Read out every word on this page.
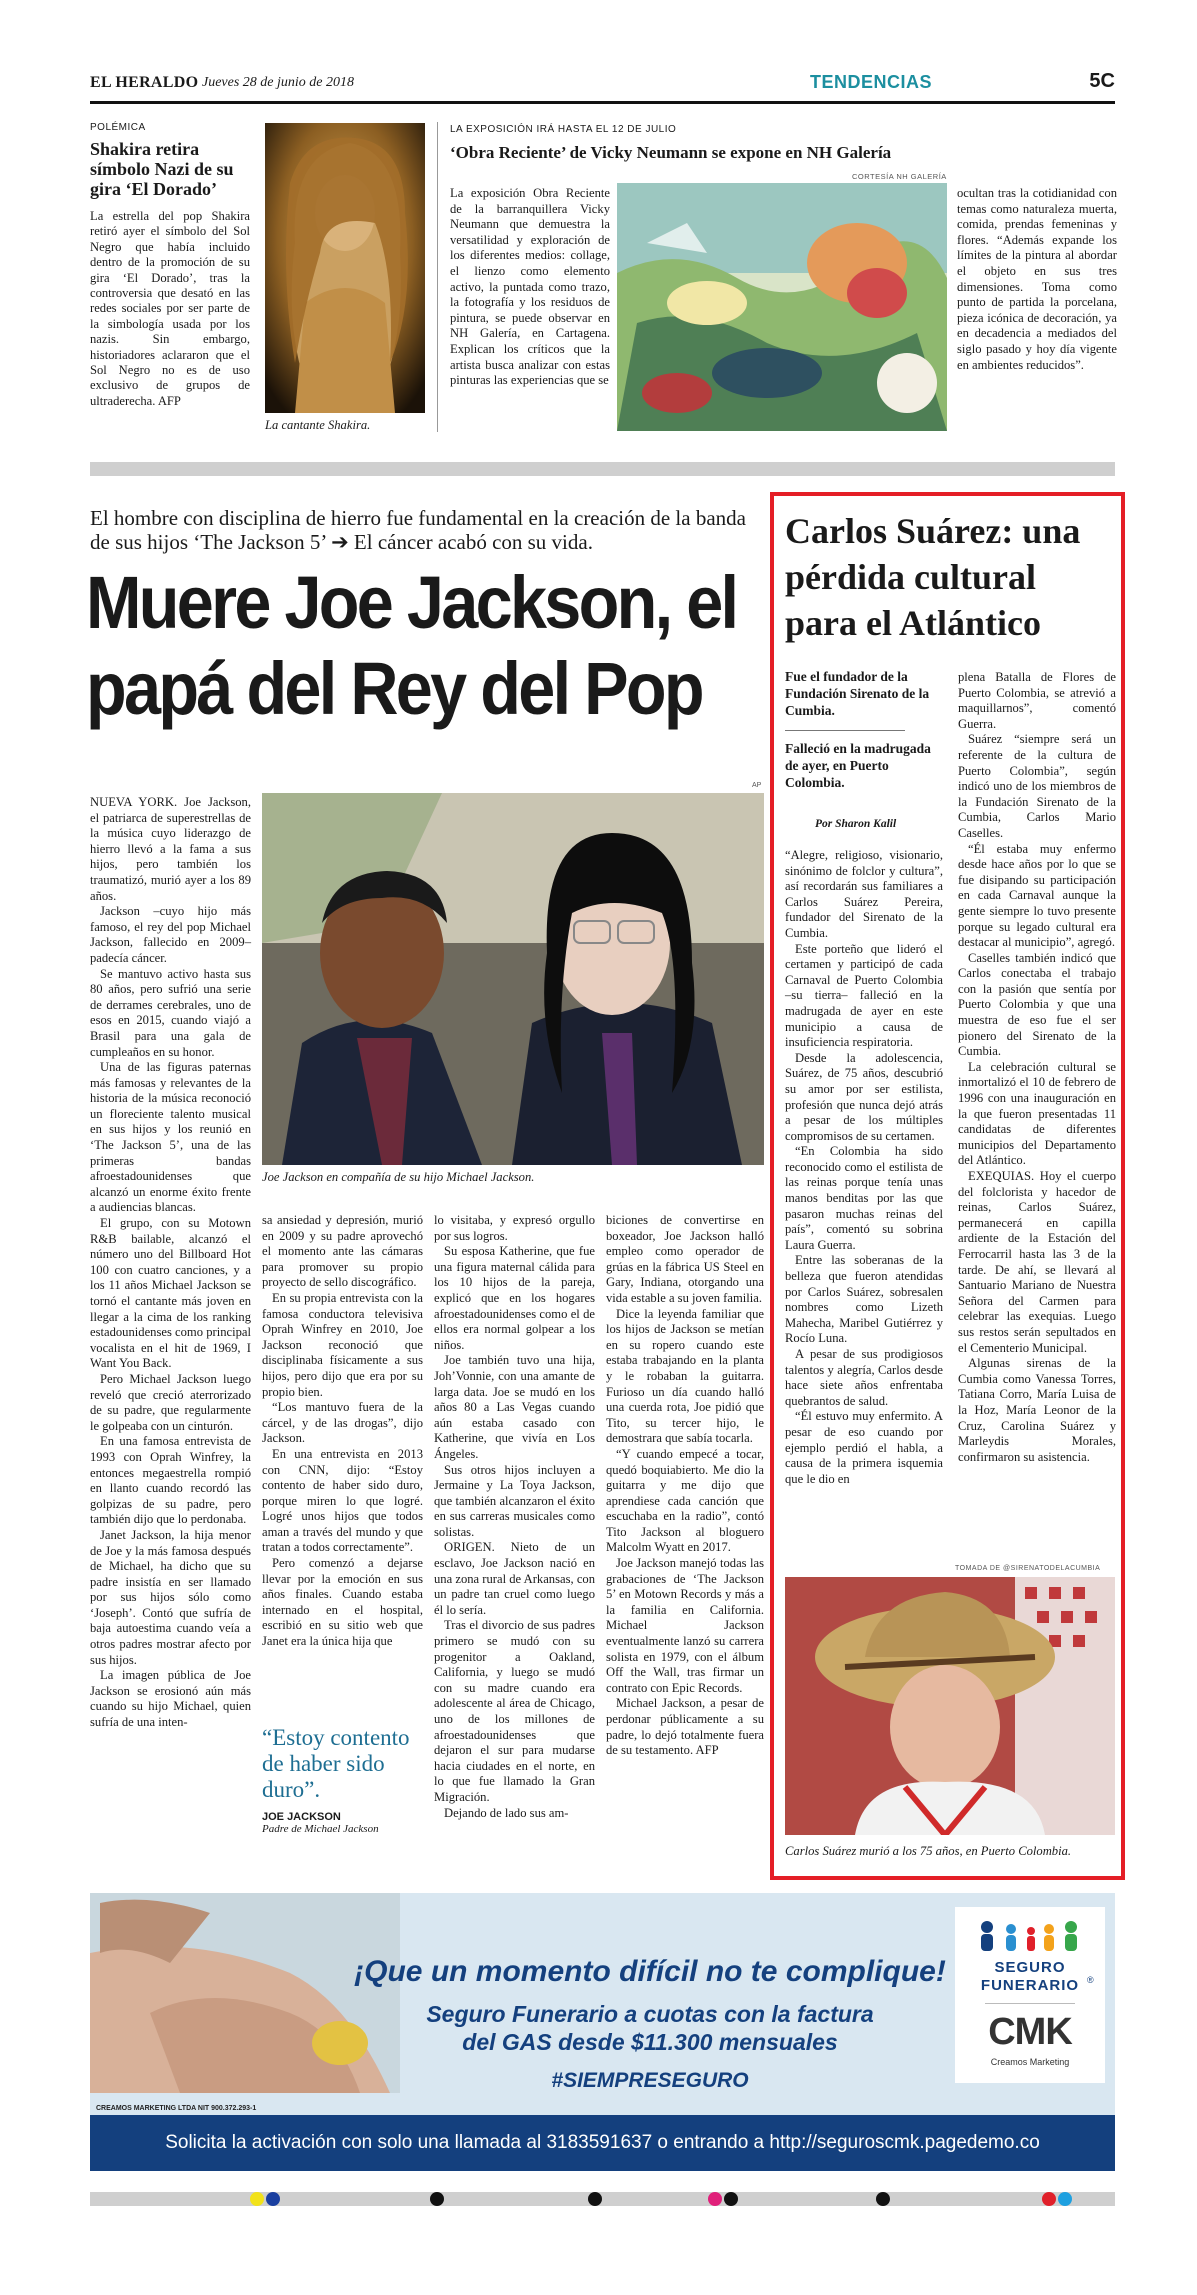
EL HERALDO Jueves 28 de junio de 2018	TENDENCIAS	5C
POLÉMICA
Shakira retira símbolo Nazi de su gira ‘El Dorado’
La estrella del pop Shakira retiró ayer el símbolo del Sol Negro que había incluido dentro de la promoción de su gira ‘El Dorado’, tras la controversia que desató en las redes sociales por ser parte de la simbología usada por los nazis. Sin embargo, historiadores aclararon que el Sol Negro no es de uso exclusivo de grupos de ultraderecha. AFP
La cantante Shakira.
LA EXPOSICIÓN IRÁ HASTA EL 12 DE JULIO
‘Obra Reciente’ de Vicky Neumann se expone en NH Galería
CORTESÍA NH GALERÍA
La exposición Obra Reciente de la barranquillera Vicky Neumann que demuestra la versatilidad y exploración de los diferentes medios: collage, el lienzo como elemento activo, la puntada como trazo, la fotografía y los residuos de pintura, se puede observar en NH Galería, en Cartagena. Explican los críticos que la artista busca analizar con estas pinturas las experiencias que se
ocultan tras la cotidianidad con temas como naturaleza muerta, comida, prendas femeninas y flores. “Además expande los límites de la pintura al abordar el objeto en sus tres dimensiones. Toma como punto de partida la porcelana, pieza icónica de decoración, ya en decadencia a mediados del siglo pasado y hoy día vigente en ambientes reducidos”.
El hombre con disciplina de hierro fue fundamental en la creación de la banda de sus hijos ‘The Jackson 5’ ➔ El cáncer acabó con su vida.
Muere Joe Jackson, el papá del Rey del Pop
AP
Joe Jackson en compañía de su hijo Michael Jackson.

NUEVA YORK. Joe Jackson, el patriarca de superestrellas de la música cuyo liderazgo de hierro llevó a la fama a sus hijos, pero también los traumatizó, murió ayer a los 89 años.

Jackson –cuyo hijo más famoso, el rey del pop Michael Jackson, fallecido en 2009–padecía cáncer.

Se mantuvo activo hasta sus 80 años, pero sufrió una serie de derrames cerebrales, uno de esos en 2015, cuando viajó a Brasil para una gala de cumpleaños en su honor.

Una de las figuras paternas más famosas y relevantes de la historia de la música reconoció un floreciente talento musical en sus hijos y los reunió en ‘The Jackson 5’, una de las primeras bandas afroestadounidenses que alcanzó un enorme éxito frente a audiencias blancas.

El grupo, con su Motown R&B bailable, alcanzó el número uno del Billboard Hot 100 con cuatro canciones, y a los 11 años Michael Jackson se tornó el cantante más joven en llegar a la cima de los ranking estadounidenses como principal vocalista en el hit de 1969, I Want You Back.

Pero Michael Jackson luego reveló que creció aterrorizado de su padre, que regularmente le golpeaba con un cinturón.

En una famosa entrevista de 1993 con Oprah Winfrey, la entonces megaestrella rompió en llanto cuando recordó las golpizas de su padre, pero también dijo que lo perdonaba.

Janet Jackson, la hija menor de Joe y la más famosa después de Michael, ha dicho que su padre insistía en ser llamado por sus hijos sólo como ‘Joseph’. Contó que sufría de baja autoestima cuando veía a otros padres mostrar afecto por sus hijos.

La imagen pública de Joe Jackson se erosionó aún más cuando su hijo Michael, quien sufría de una inten-

sa ansiedad y depresión, murió en 2009 y su padre aprovechó el momento ante las cámaras para promover su propio proyecto de sello discográfico.

En su propia entrevista con la famosa conductora televisiva Oprah Winfrey en 2010, Joe Jackson reconoció que disciplinaba físicamente a sus hijos, pero dijo que era por su propio bien.

“Los mantuvo fuera de la cárcel, y de las drogas”, dijo Jackson.

En una entrevista en 2013 con CNN, dijo: “Estoy contento de haber sido duro, porque miren lo que logré. Logré unos hijos que todos aman a través del mundo y que tratan a todos correctamente”.

Pero comenzó a dejarse llevar por la emoción en sus años finales. Cuando estaba internado en el hospital, escribió en su sitio web que Janet era la única hija que

“Estoy contento de haber sido duro”.
JOE JACKSON
Padre de Michael Jackson

lo visitaba, y expresó orgullo por sus logros.

Su esposa Katherine, que fue una figura maternal cálida para los 10 hijos de la pareja, explicó que en los hogares afroestadounidenses como el de ellos era normal golpear a los niños.

Joe también tuvo una hija, Joh’Vonnie, con una amante de larga data. Joe se mudó en los años 80 a Las Vegas cuando aún estaba casado con Katherine, que vivía en Los Ángeles.

Sus otros hijos incluyen a Jermaine y La Toya Jackson, que también alcanzaron el éxito en sus carreras musicales como solistas.

ORIGEN. Nieto de un esclavo, Joe Jackson nació en una zona rural de Arkansas, con un padre tan cruel como luego él lo sería.

Tras el divorcio de sus padres primero se mudó con su progenitor a Oakland, California, y luego se mudó con su madre cuando era adolescente al área de Chicago, uno de los millones de afroestadounidenses que dejaron el sur para mudarse hacia ciudades en el norte, en lo que fue llamado la Gran Migración.

Dejando de lado sus am-

biciones de convertirse en boxeador, Joe Jackson halló empleo como operador de grúas en la fábrica US Steel en Gary, Indiana, otorgando una vida estable a su joven familia.

Dice la leyenda familiar que los hijos de Jackson se metían en su ropero cuando este estaba trabajando en la planta y le robaban la guitarra. Furioso un día cuando halló una cuerda rota, Joe pidió que Tito, su tercer hijo, le demostrara que sabía tocarla.

“Y cuando empecé a tocar, quedó boquiabierto. Me dio la guitarra y me dijo que aprendiese cada canción que escuchaba en la radio”, contó Tito Jackson al bloguero Malcolm Wyatt en 2017.

Joe Jackson manejó todas las grabaciones de ‘The Jackson 5’ en Motown Records y más a la familia en California. Michael Jackson eventualmente lanzó su carrera solista en 1979, con el álbum Off the Wall, tras firmar un contrato con Epic Records.

Michael Jackson, a pesar de perdonar públicamente a su padre, lo dejó totalmente fuera de su testamento. AFP

Carlos Suárez: una pérdida cultural para el Atlántico
Fue el fundador de la Fundación Sirenato de la Cumbia.
Falleció en la madrugada de ayer, en Puerto Colombia.
Por Sharon Kalil

“Alegre, religioso, visionario, sinónimo de folclor y cultura”, así recordarán sus familiares a Carlos Suárez Pereira, fundador del Sirenato de la Cumbia.

Este porteño que lideró el certamen y participó de cada Carnaval de Puerto Colombia –su tierra– falleció en la madrugada de ayer en este municipio a causa de insuficiencia respiratoria.

Desde la adolescencia, Suárez, de 75 años, descubrió su amor por ser estilista, profesión que nunca dejó atrás a pesar de los múltiples compromisos de su certamen.

“En Colombia ha sido reconocido como el estilista de las reinas porque tenía unas manos benditas por las que pasaron muchas reinas del país”, comentó su sobrina Laura Guerra.

Entre las soberanas de la belleza que fueron atendidas por Carlos Suárez, sobresalen nombres como Lizeth Mahecha, Maribel Gutiérrez y Rocío Luna.

A pesar de sus prodigiosos talentos y alegría, Carlos desde hace siete años enfrentaba quebrantos de salud.

“Él estuvo muy enfermito. A pesar de eso cuando por ejemplo perdió el habla, a causa de la primera isquemia que le dio en

plena Batalla de Flores de Puerto Colombia, se atrevió a maquillarnos”, comentó Guerra.

Suárez “siempre será un referente de la cultura de Puerto Colombia”, según indicó uno de los miembros de la Fundación Sirenato de la Cumbia, Carlos Mario Caselles.

“Él estaba muy enfermo desde hace años por lo que se fue disipando su participación en cada Carnaval aunque la gente siempre lo tuvo presente porque su legado cultural era destacar al municipio”, agregó.

Caselles también indicó que Carlos conectaba el trabajo con la pasión que sentía por Puerto Colombia y que una muestra de eso fue el ser pionero del Sirenato de la Cumbia.

La celebración cultural se inmortalizó el 10 de febrero de 1996 con una inauguración en la que fueron presentadas 11 candidatas de diferentes municipios del Departamento del Atlántico.

EXEQUIAS. Hoy el cuerpo del folclorista y hacedor de reinas, Carlos Suárez, permanecerá en capilla ardiente de la Estación del Ferrocarril hasta las 3 de la tarde. De ahí, se llevará al Santuario Mariano de Nuestra Señora del Carmen para celebrar las exequias. Luego sus restos serán sepultados en el Cementerio Municipal.

Algunas sirenas de la Cumbia como Vanessa Torres, Tatiana Corro, María Luisa de la Hoz, María Leonor de la Cruz, Carolina Suárez y Marleydis Morales, confirmaron su asistencia.

TOMADA DE @SIRENATODELACUMBIA
Carlos Suárez murió a los 75 años, en Puerto Colombia.
¡Que un momento difícil no te complique!
Seguro Funerario a cuotas con la factura
del GAS desde $11.300 mensuales
#SIEMPRESEGURO
CREAMOS MARKETING LTDA NIT 900.372.293-1
SEGURO
FUNERARIO ®
CMK
Creamos Marketing
Solicita la activación con solo una llamada al 3183591637 o entrando a http://seguroscmk.pagedemo.co
